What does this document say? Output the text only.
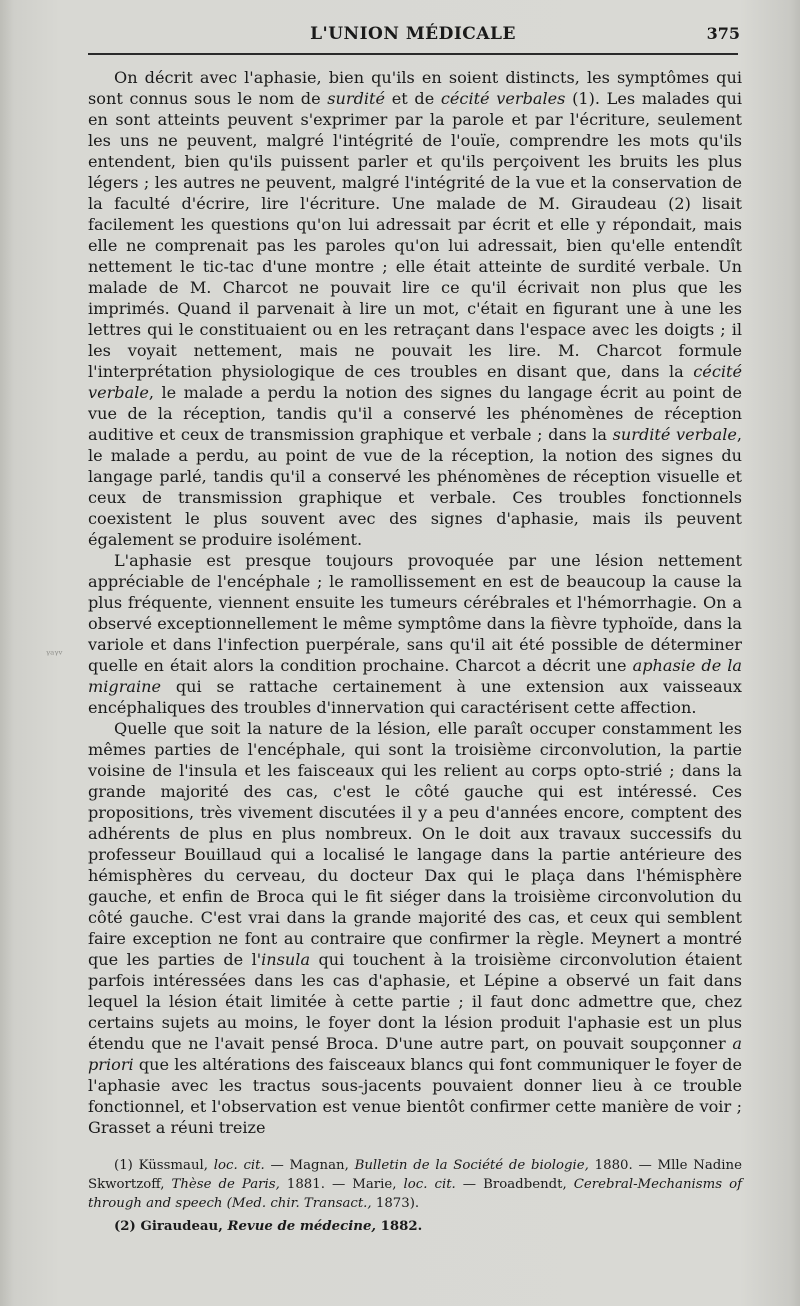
L'UNION MÉDICALE	375
ᵞᵃᵞᵛ

On décrit avec l'aphasie, bien qu'ils en soient distincts, les symptômes qui sont connus sous le nom de surdité et de cécité verbales (1). Les malades qui en sont atteints peuvent s'exprimer par la parole et par l'écriture, seulement les uns ne peuvent, malgré l'intégrité de l'ouïe, comprendre les mots qu'ils entendent, bien qu'ils puissent parler et qu'ils perçoivent les bruits les plus légers ; les autres ne peuvent, malgré l'intégrité de la vue et la conservation de la faculté d'écrire, lire l'écriture. Une malade de M. Giraudeau (2) lisait facilement les questions qu'on lui adressait par écrit et elle y répondait, mais elle ne comprenait pas les paroles qu'on lui adressait, bien qu'elle entendît nettement le tic-tac d'une montre ; elle était atteinte de surdité verbale. Un malade de M. Charcot ne pouvait lire ce qu'il écrivait non plus que les imprimés. Quand il parvenait à lire un mot, c'était en figurant une à une les lettres qui le constituaient ou en les retraçant dans l'espace avec les doigts ; il les voyait nettement, mais ne pouvait les lire. M. Charcot formule l'interprétation physiologique de ces troubles en disant que, dans la cécité verbale, le malade a perdu la notion des signes du langage écrit au point de vue de la réception, tandis qu'il a conservé les phénomènes de réception auditive et ceux de transmission graphique et verbale ; dans la surdité verbale, le malade a perdu, au point de vue de la réception, la notion des signes du langage parlé, tandis qu'il a conservé les phénomènes de réception visuelle et ceux de transmission graphique et verbale. Ces troubles fonctionnels coexistent le plus souvent avec des signes d'aphasie, mais ils peuvent également se produire isolément.

L'aphasie est presque toujours provoquée par une lésion nettement appréciable de l'encéphale ; le ramollissement en est de beaucoup la cause la plus fréquente, viennent ensuite les tumeurs cérébrales et l'hémorrhagie. On a observé exceptionnellement le même symptôme dans la fièvre typhoïde, dans la variole et dans l'infection puerpérale, sans qu'il ait été possible de déterminer quelle en était alors la condition prochaine. Charcot a décrit une aphasie de la migraine qui se rattache certainement à une extension aux vaisseaux encéphaliques des troubles d'innervation qui caractérisent cette affection.

Quelle que soit la nature de la lésion, elle paraît occuper constamment les mêmes parties de l'encéphale, qui sont la troisième circonvolution, la partie voisine de l'insula et les faisceaux qui les relient au corps opto-strié ; dans la grande majorité des cas, c'est le côté gauche qui est intéressé. Ces propositions, très vivement discutées il y a peu d'années encore, comptent des adhérents de plus en plus nombreux. On le doit aux travaux successifs du professeur Bouillaud qui a localisé le langage dans la partie antérieure des hémisphères du cerveau, du docteur Dax qui le plaça dans l'hémisphère gauche, et enfin de Broca qui le fit siéger dans la troisième circonvolution du côté gauche. C'est vrai dans la grande majorité des cas, et ceux qui semblent faire exception ne font au contraire que confirmer la règle. Meynert a montré que les parties de l'insula qui touchent à la troisième circonvolution étaient parfois intéressées dans les cas d'aphasie, et Lépine a observé un fait dans lequel la lésion était limitée à cette partie ; il faut donc admettre que, chez certains sujets au moins, le foyer dont la lésion produit l'aphasie est un plus étendu que ne l'avait pensé Broca. D'une autre part, on pouvait soupçonner a priori que les altérations des faisceaux blancs qui font communiquer le foyer de l'aphasie avec les tractus sous-jacents pouvaient donner lieu à ce trouble fonctionnel, et l'observation est venue bientôt confirmer cette manière de voir ; Grasset a réuni treize

(1) Küssmaul, loc. cit. — Magnan, Bulletin de la Société de biologie, 1880. — Mlle Nadine Skwortzoff, Thèse de Paris, 1881. — Marie, loc. cit. — Broadbendt, Cerebral-Mechanisms of through and speech (Med. chir. Transact., 1873).

(2) Giraudeau, Revue de médecine, 1882.
